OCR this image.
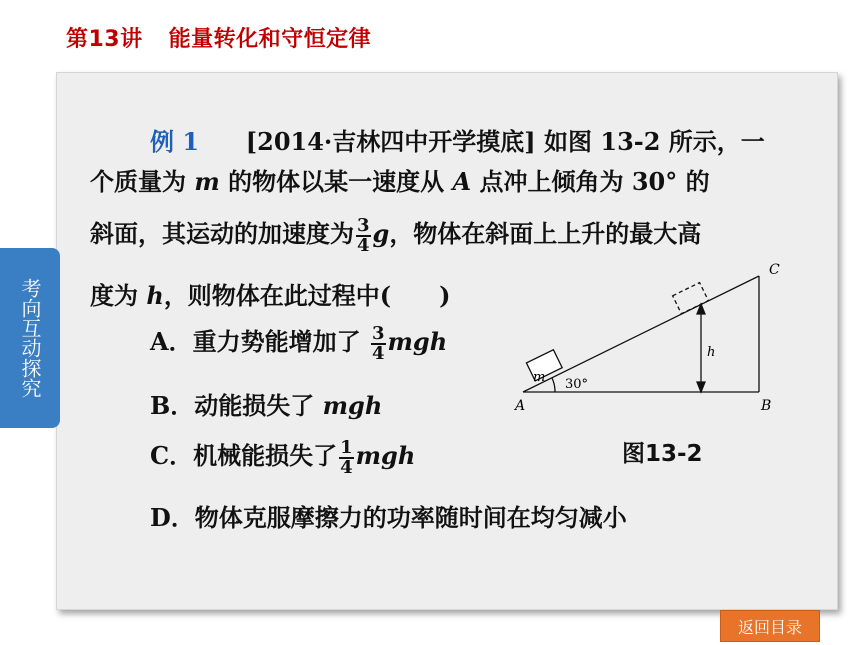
第13讲 能量转化和守恒定律
考向互动探究
例 1 [2014·吉林四中开学摸底] 如图 13-2 所示，一
个质量为 m 的物体以某一速度从 A 点冲上倾角为 30° 的
斜面，其运动的加速度为 $\frac{3}{4}$ g，物体在斜面上上升的最大高
度为 h，则物体在此过程中(　　)
A．重力势能增加了 $\frac{3}{4}$ mgh
B．动能损失了 mgh
C．机械能损失了 $\frac{1}{4}$ mgh
D．物体克服摩擦力的功率随时间在均匀减小
m 30°
A	B
C
h
图13-2
返回目录
